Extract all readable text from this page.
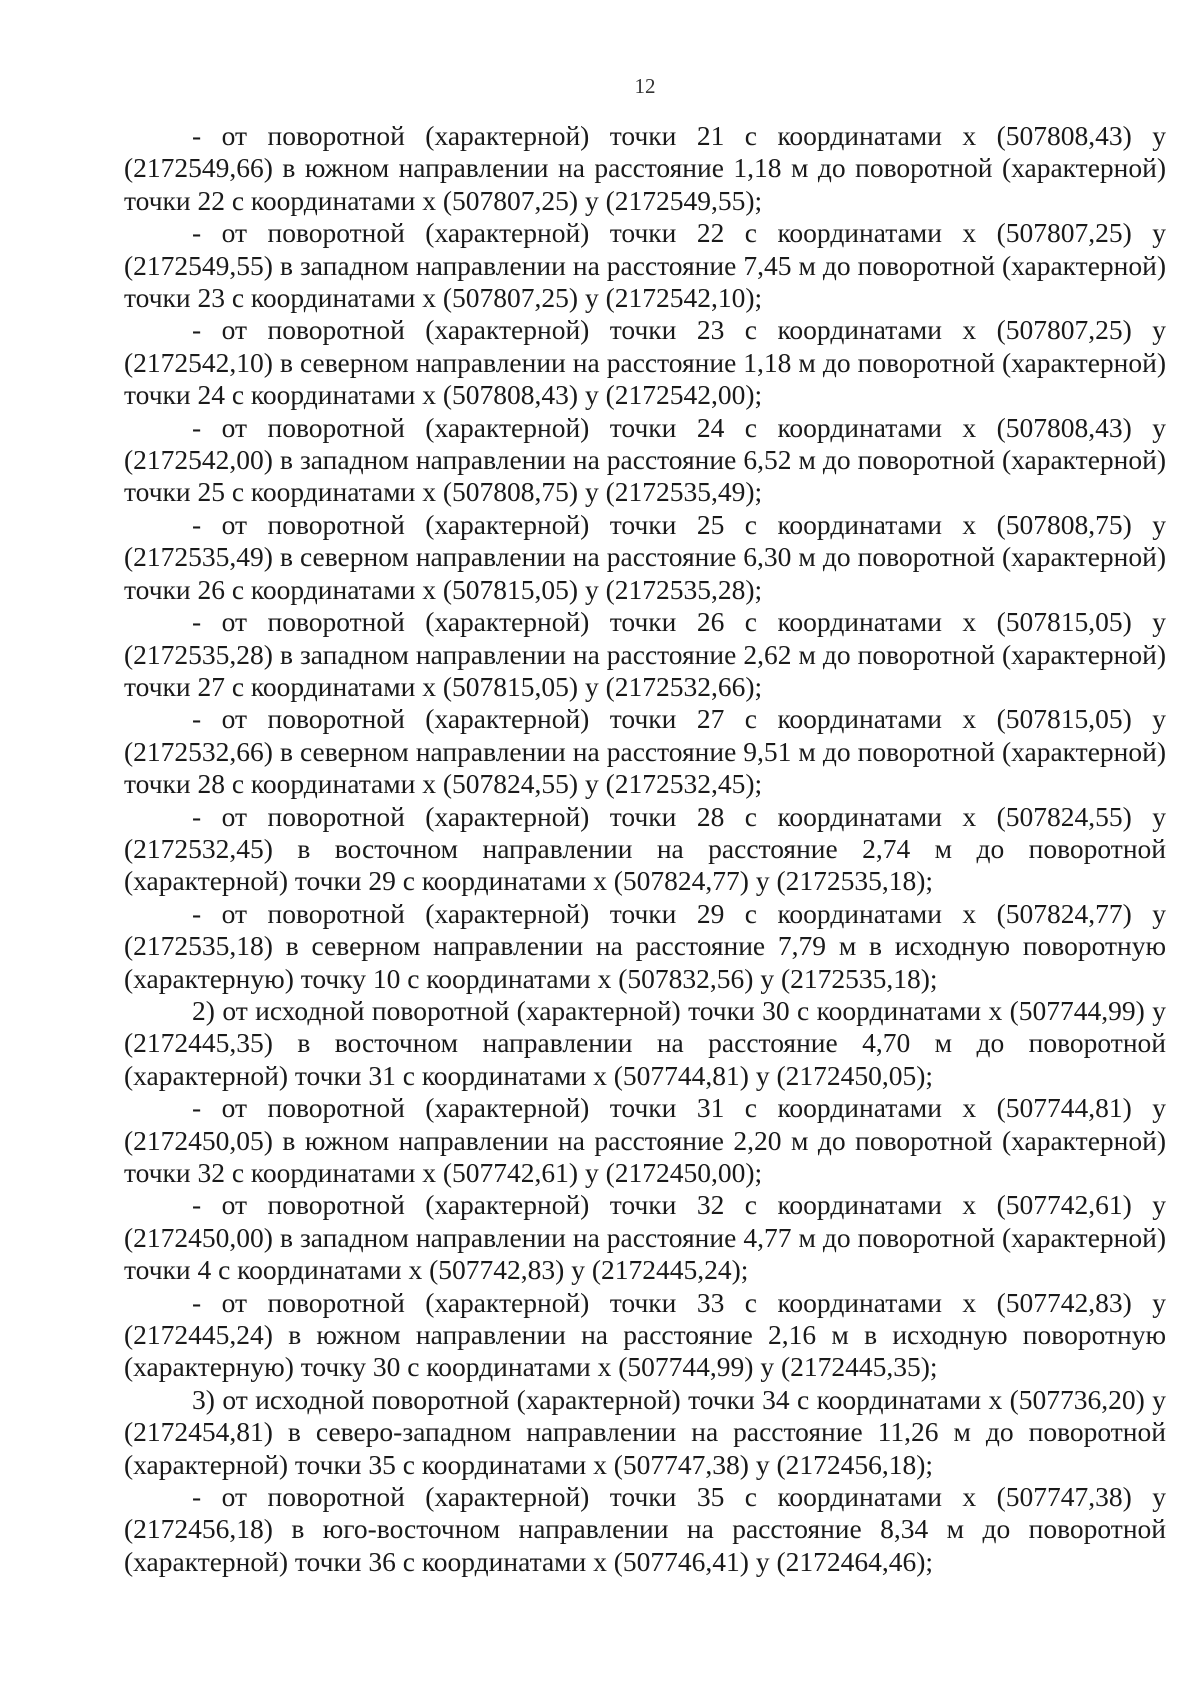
12

- от поворотной (характерной) точки 21 с координатами х (507808,43) у (2172549,66) в южном направлении на расстояние 1,18 м до поворотной (характерной) точки 22 с координатами х (507807,25) у (2172549,55);

- от поворотной (характерной) точки 22 с координатами х (507807,25) у (2172549,55) в западном направлении на расстояние 7,45 м до поворотной (характерной) точки 23 с координатами х (507807,25) у (2172542,10);

- от поворотной (характерной) точки 23 с координатами х (507807,25) у (2172542,10) в северном направлении на расстояние 1,18 м до поворотной (характерной) точки 24 с координатами х (507808,43) у (2172542,00);

- от поворотной (характерной) точки 24 с координатами х (507808,43) у (2172542,00) в западном направлении на расстояние 6,52 м до поворотной (характерной) точки 25 с координатами х (507808,75) у (2172535,49);

- от поворотной (характерной) точки 25 с координатами х (507808,75) у (2172535,49) в северном направлении на расстояние 6,30 м до поворотной (характерной) точки 26 с координатами х (507815,05) у (2172535,28);

- от поворотной (характерной) точки 26 с координатами х (507815,05) у (2172535,28) в западном направлении на расстояние 2,62 м до поворотной (характерной) точки 27 с координатами х (507815,05) у (2172532,66);

- от поворотной (характерной) точки 27 с координатами х (507815,05) у (2172532,66) в северном направлении на расстояние 9,51 м до поворотной (характерной) точки 28 с координатами х (507824,55) у (2172532,45);

- от поворотной (характерной) точки 28 с координатами х (507824,55) у (2172532,45) в восточном направлении на расстояние 2,74 м до поворотной (характерной) точки 29 с координатами х (507824,77) у (2172535,18);

- от поворотной (характерной) точки 29 с координатами х (507824,77) у (2172535,18) в северном направлении на расстояние 7,79 м в исходную поворотную (характерную) точку 10 с координатами х (507832,56) у (2172535,18);

2) от исходной поворотной (характерной) точки 30 с координатами х (507744,99) у (2172445,35) в восточном направлении на расстояние 4,70 м до поворотной (характерной) точки 31 с координатами х (507744,81) у (2172450,05);

- от поворотной (характерной) точки 31 с координатами х (507744,81) у (2172450,05) в южном направлении на расстояние 2,20 м до поворотной (характерной) точки 32 с координатами х (507742,61) у (2172450,00);

- от поворотной (характерной) точки 32 с координатами х (507742,61) у (2172450,00) в западном направлении на расстояние 4,77 м до поворотной (характерной) точки 4 с координатами х (507742,83) у (2172445,24);

- от поворотной (характерной) точки 33 с координатами х (507742,83) у (2172445,24) в южном направлении на расстояние 2,16 м в исходную поворотную (характерную) точку 30 с координатами х (507744,99) у (2172445,35);

3) от исходной поворотной (характерной) точки 34 с координатами х (507736,20) у (2172454,81) в северо-западном направлении на расстояние 11,26 м до поворотной (характерной) точки 35 с координатами х (507747,38) у (2172456,18);

- от поворотной (характерной) точки 35 с координатами х (507747,38) у (2172456,18) в юго-восточном направлении на расстояние 8,34 м до поворотной (характерной) точки 36 с координатами х (507746,41) у (2172464,46);
